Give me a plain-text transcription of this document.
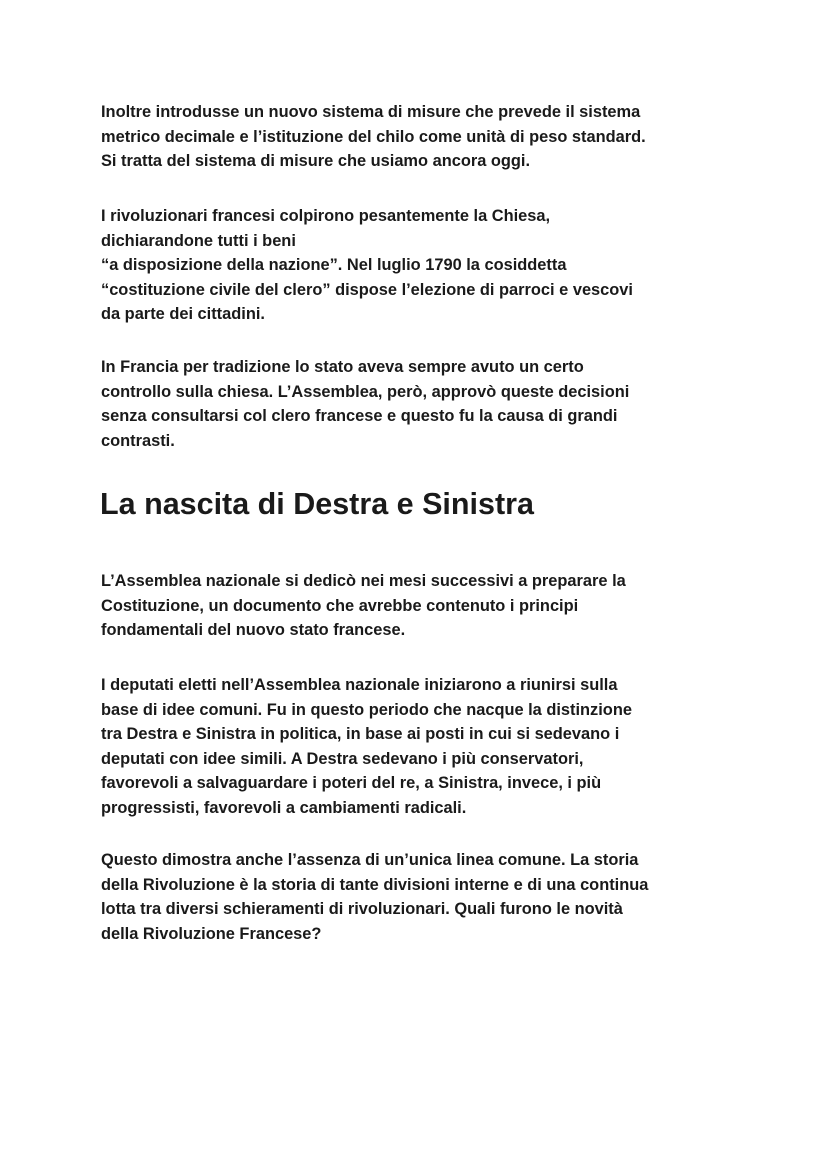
Inoltre introdusse un nuovo sistema di misure che prevede il sistema
metrico decimale e l’istituzione del chilo come unità di peso standard.
Si tratta del sistema di misure che usiamo ancora oggi.

I rivoluzionari francesi colpirono pesantemente la Chiesa,
dichiarandone tutti i beni
“a disposizione della nazione”. Nel luglio 1790 la cosiddetta
“costituzione civile del clero” dispose l’elezione di parroci e vescovi
da parte dei cittadini.

In Francia per tradizione lo stato aveva sempre avuto un certo
controllo sulla chiesa. L’Assemblea, però, approvò queste decisioni
senza consultarsi col clero francese e questo fu la causa di grandi
contrasti.

La nascita di Destra e Sinistra

L’Assemblea nazionale si dedicò nei mesi successivi a preparare la
Costituzione, un documento che avrebbe contenuto i principi
fondamentali del nuovo stato francese.

I deputati eletti nell’Assemblea nazionale iniziarono a riunirsi sulla
base di idee comuni. Fu in questo periodo che nacque la distinzione
tra Destra e Sinistra in politica, in base ai posti in cui si sedevano i
deputati con idee simili. A Destra sedevano i più conservatori,
favorevoli a salvaguardare i poteri del re, a Sinistra, invece, i più
progressisti, favorevoli a cambiamenti radicali.

Questo dimostra anche l’assenza di un’unica linea comune. La storia
della Rivoluzione è la storia di tante divisioni interne e di una continua
lotta tra diversi schieramenti di rivoluzionari. Quali furono le novità
della Rivoluzione Francese?
